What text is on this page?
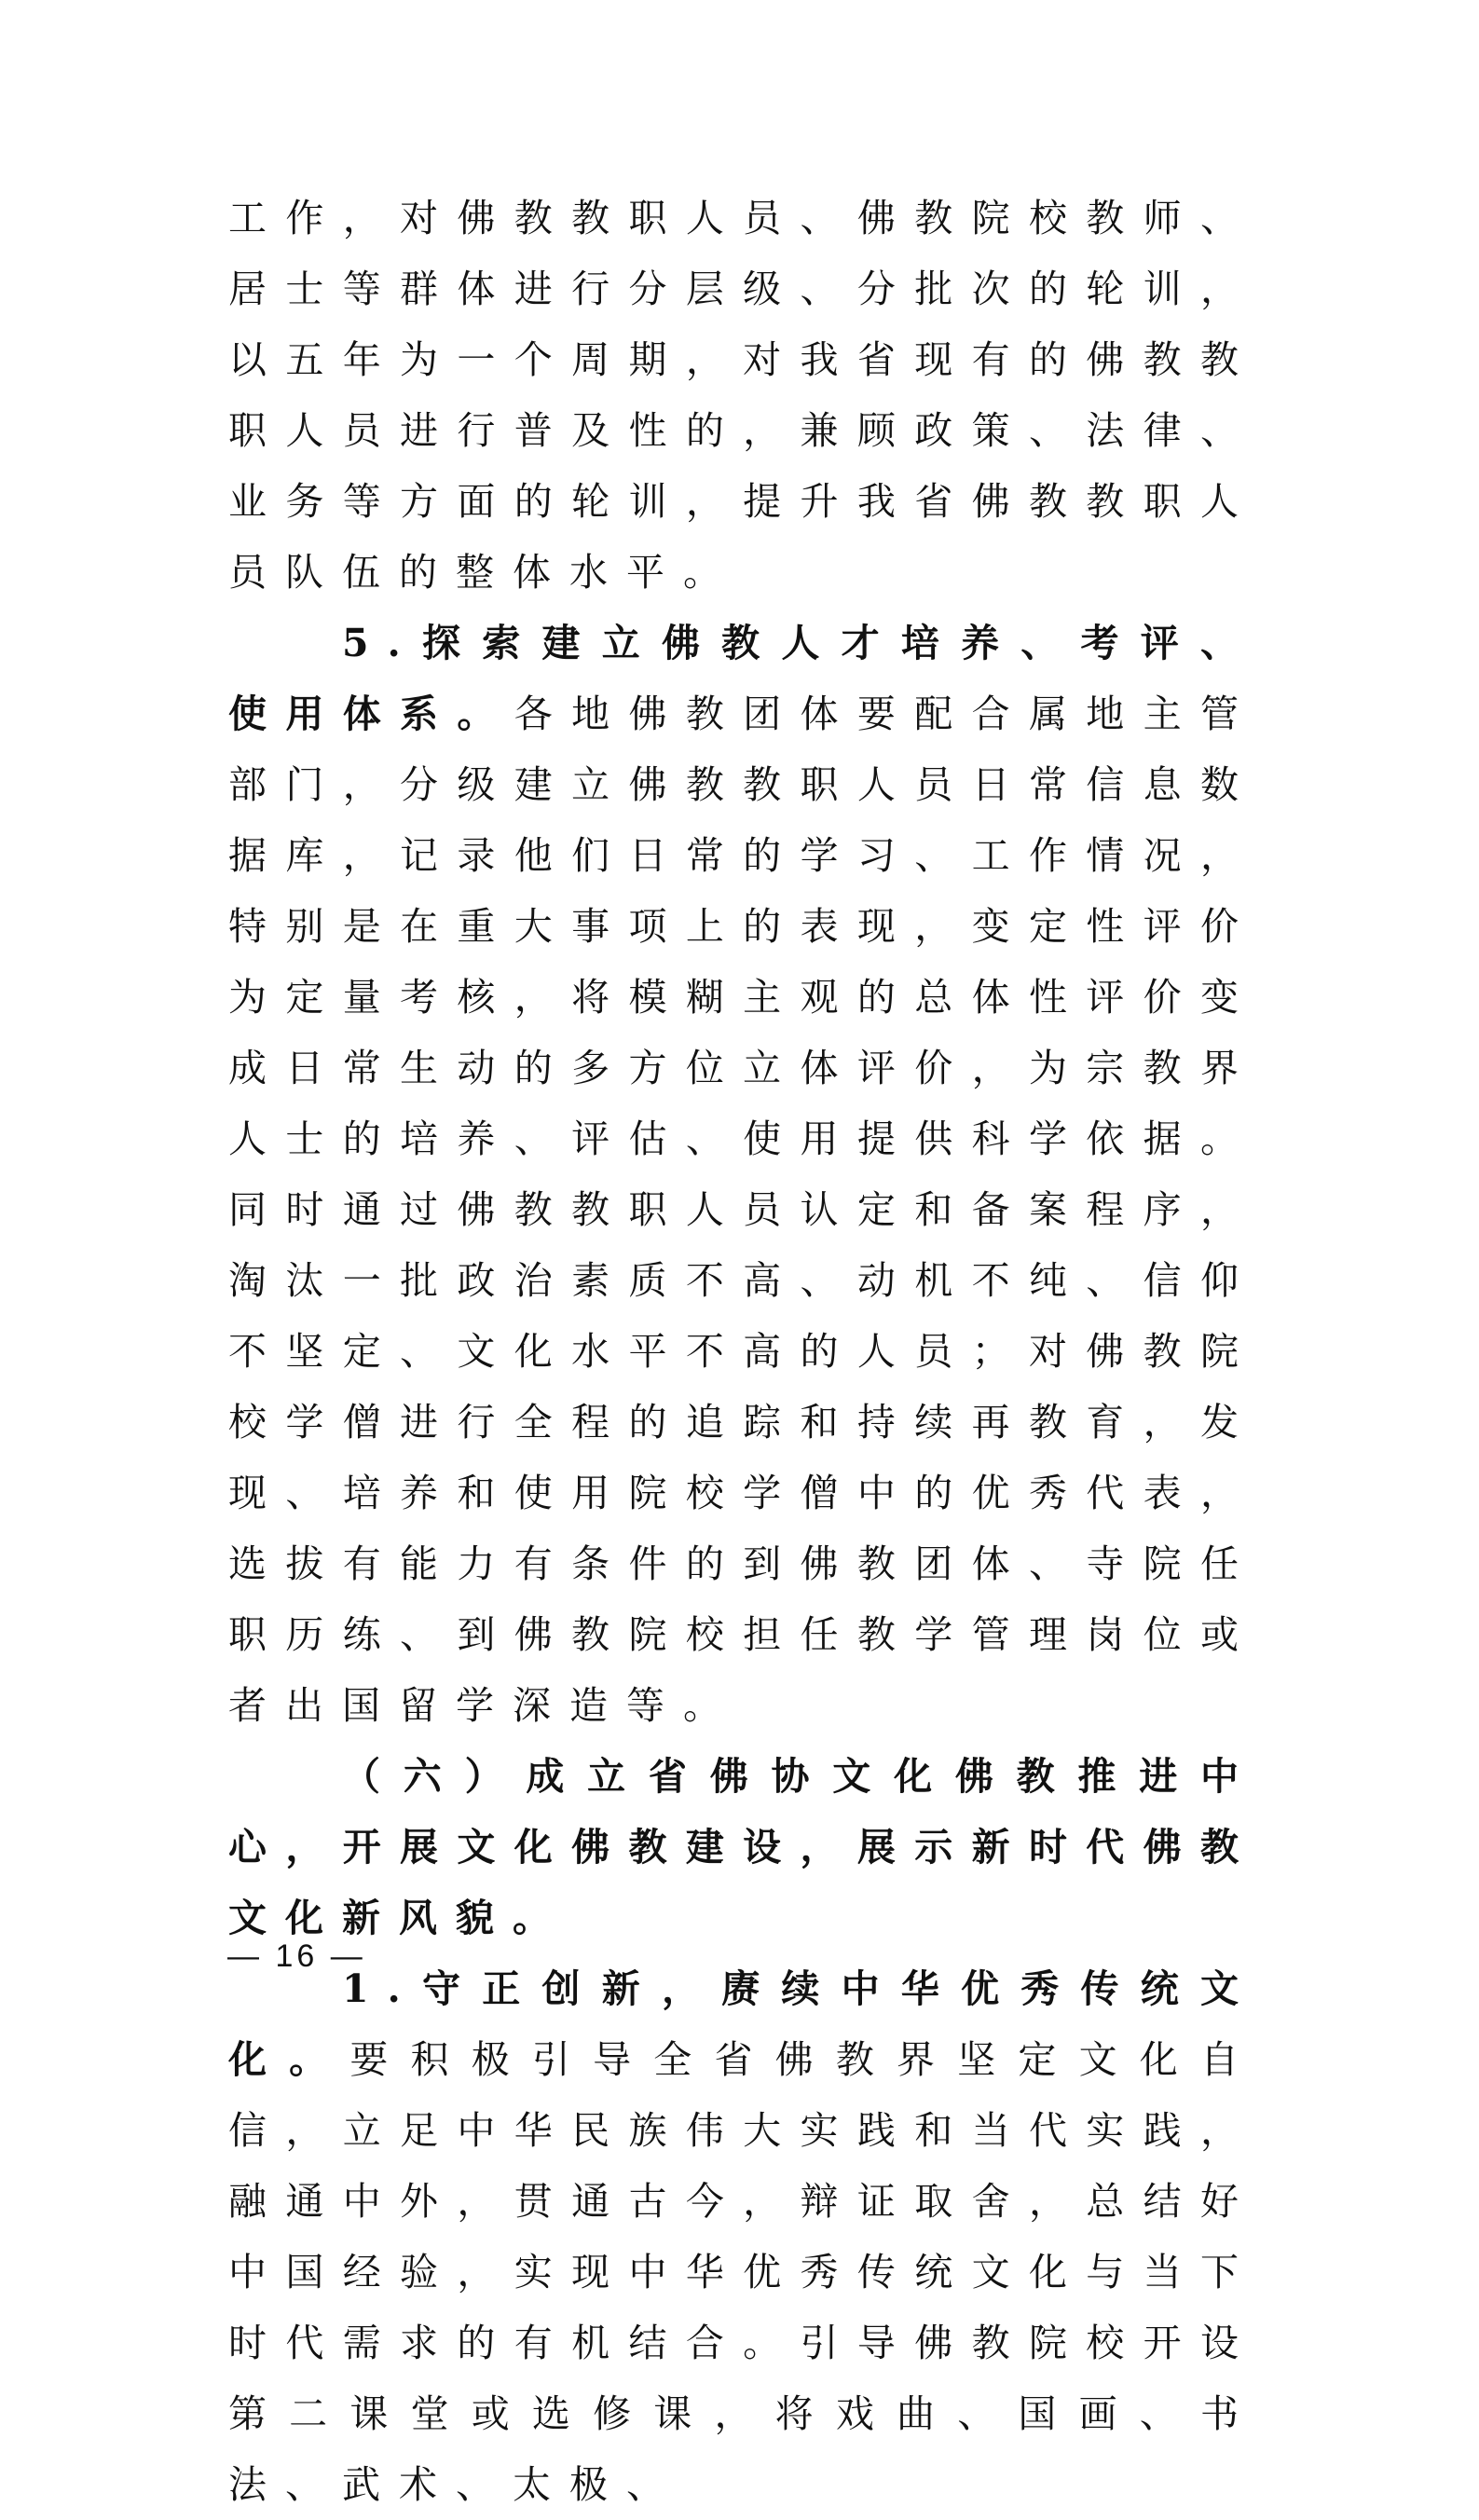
工作，对佛教教职人员、佛教院校教师、居士等群体进行分层级、分批次的轮训，以五年为一个周期，对我省现有的佛教教职人员进行普及性的，兼顾政策、法律、业务等方面的轮训，提升我省佛教教职人员队伍的整体水平。

5.探索建立佛教人才培养、考评、使用体系。各地佛教团体要配合属地主管部门，分级建立佛教教职人员日常信息数据库，记录他们日常的学习、工作情况，特别是在重大事项上的表现，变定性评价为定量考核，将模糊主观的总体性评价变成日常生动的多方位立体评价，为宗教界人士的培养、评估、使用提供科学依据。同时通过佛教教职人员认定和备案程序，淘汰一批政治素质不高、动机不纯、信仰不坚定、文化水平不高的人员；对佛教院校学僧进行全程的追踪和持续再教育，发现、培养和使用院校学僧中的优秀代表，选拔有能力有条件的到佛教团体、寺院任职历练、到佛教院校担任教学管理岗位或者出国留学深造等。

（六）成立省佛协文化佛教推进中心，开展文化佛教建设，展示新时代佛教文化新风貌。

1.守正创新，赓续中华优秀传统文化。要积极引导全省佛教界坚定文化自信，立足中华民族伟大实践和当代实践，融通中外，贯通古今，辩证取舍，总结好中国经验，实现中华优秀传统文化与当下时代需求的有机结合。引导佛教院校开设第二课堂或选修课，将戏曲、国画、书法、武术、太极、

— 16 —
